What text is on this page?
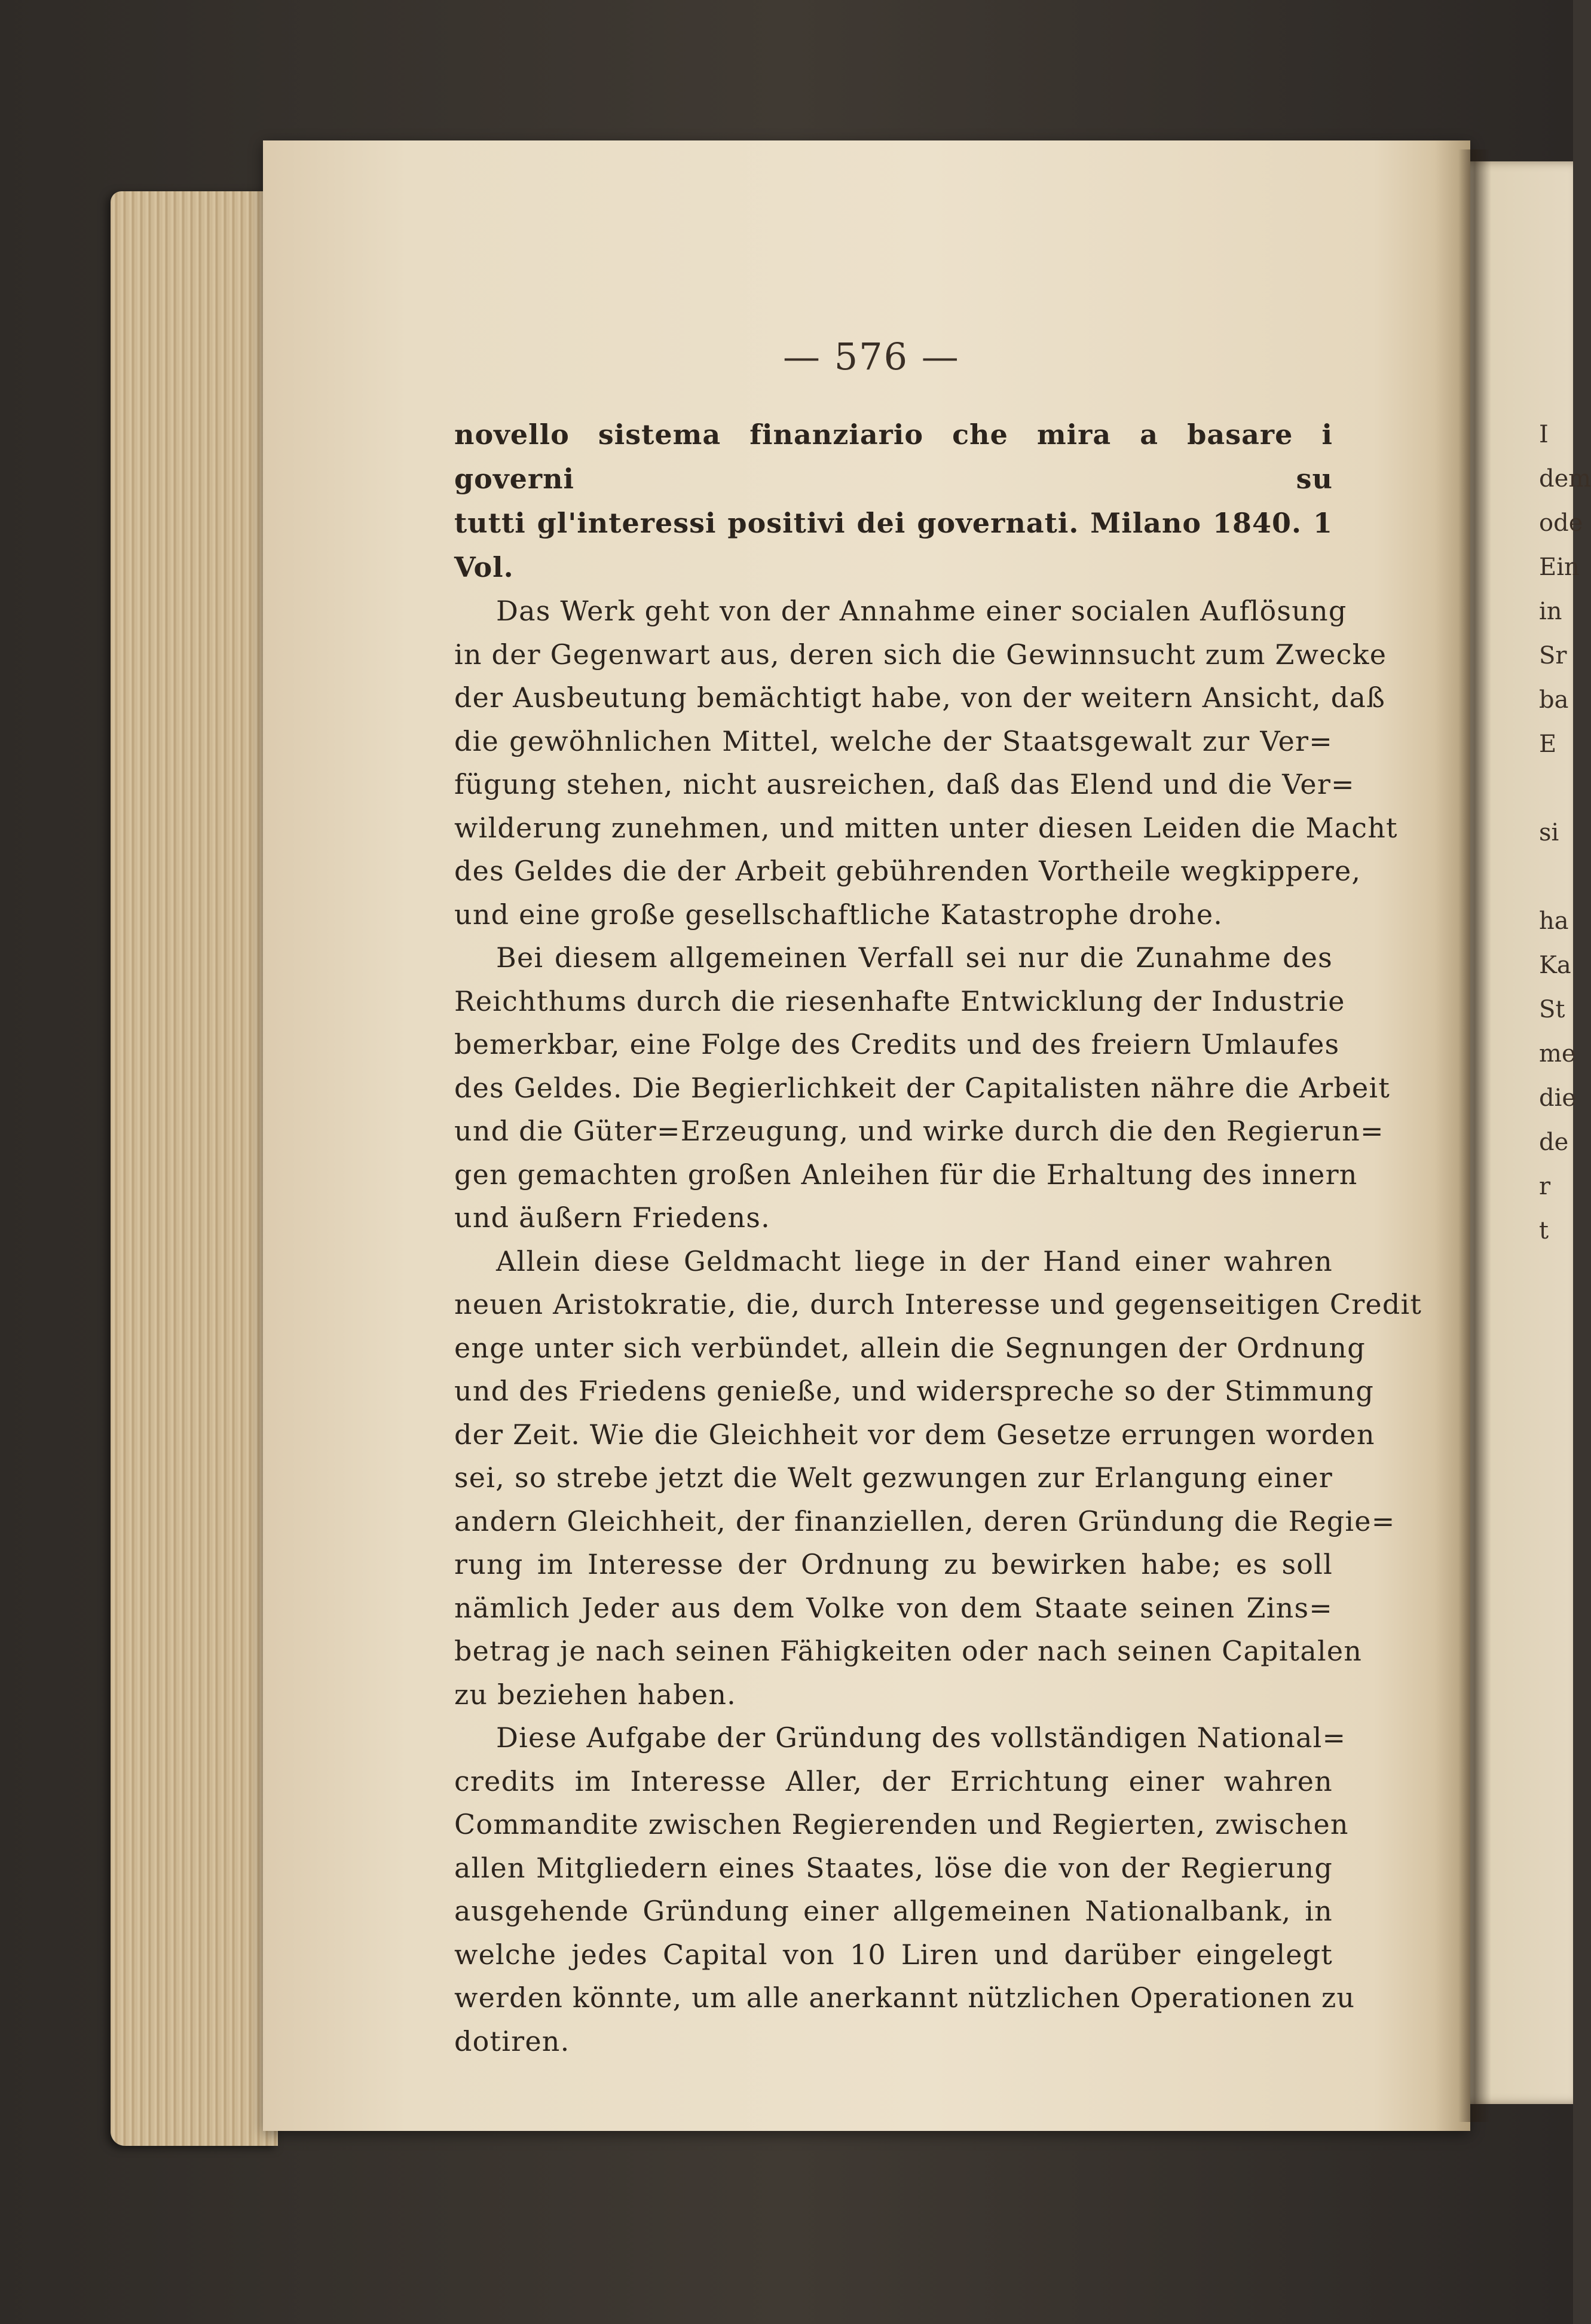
— 576 —

novello sistema finanziario che mira a basare i governi su

tutti gl'interessi positivi dei governati. Milano 1840. 1 Vol.

Das Werk geht von der Annahme einer socialen Auflösung
in der Gegenwart aus, deren sich die Gewinnsucht zum Zwecke
der Ausbeutung bemächtigt habe, von der weitern Ansicht, daß
die gewöhnlichen Mittel, welche der Staatsgewalt zur Ver=
fügung stehen, nicht ausreichen, daß das Elend und die Ver=
wilderung zunehmen, und mitten unter diesen Leiden die Macht
des Geldes die der Arbeit gebührenden Vortheile wegkippere,
und eine große gesellschaftliche Katastrophe drohe.
Bei diesem allgemeinen Verfall sei nur die Zunahme des
Reichthums durch die riesenhafte Entwicklung der Industrie
bemerkbar, eine Folge des Credits und des freiern Umlaufes
des Geldes. Die Begierlichkeit der Capitalisten nähre die Arbeit
und die Güter=Erzeugung, und wirke durch die den Regierun=
gen gemachten großen Anleihen für die Erhaltung des innern
und äußern Friedens.
Allein diese Geldmacht liege in der Hand einer wahren
neuen Aristokratie, die, durch Interesse und gegenseitigen Credit
enge unter sich verbündet, allein die Segnungen der Ordnung
und des Friedens genieße, und widerspreche so der Stimmung
der Zeit. Wie die Gleichheit vor dem Gesetze errungen worden
sei, so strebe jetzt die Welt gezwungen zur Erlangung einer
andern Gleichheit, der finanziellen, deren Gründung die Regie=
rung im Interesse der Ordnung zu bewirken habe; es soll
nämlich Jeder aus dem Volke von dem Staate seinen Zins=
betrag je nach seinen Fähigkeiten oder nach seinen Capitalen
zu beziehen haben.
Diese Aufgabe der Gründung des vollständigen National=
credits im Interesse Aller, der Errichtung einer wahren
Commandite zwischen Regierenden und Regierten, zwischen
allen Mitgliedern eines Staates, löse die von der Regierung
ausgehende Gründung einer allgemeinen Nationalbank, in
welche jedes Capital von 10 Liren und darüber eingelegt
werden könnte, um alle anerkannt nützlichen Operationen zu
dotiren.
I
dem
ode
Ein
in
Sr
ba
E

si

ha
Ka
St
me
die
de
r
t
